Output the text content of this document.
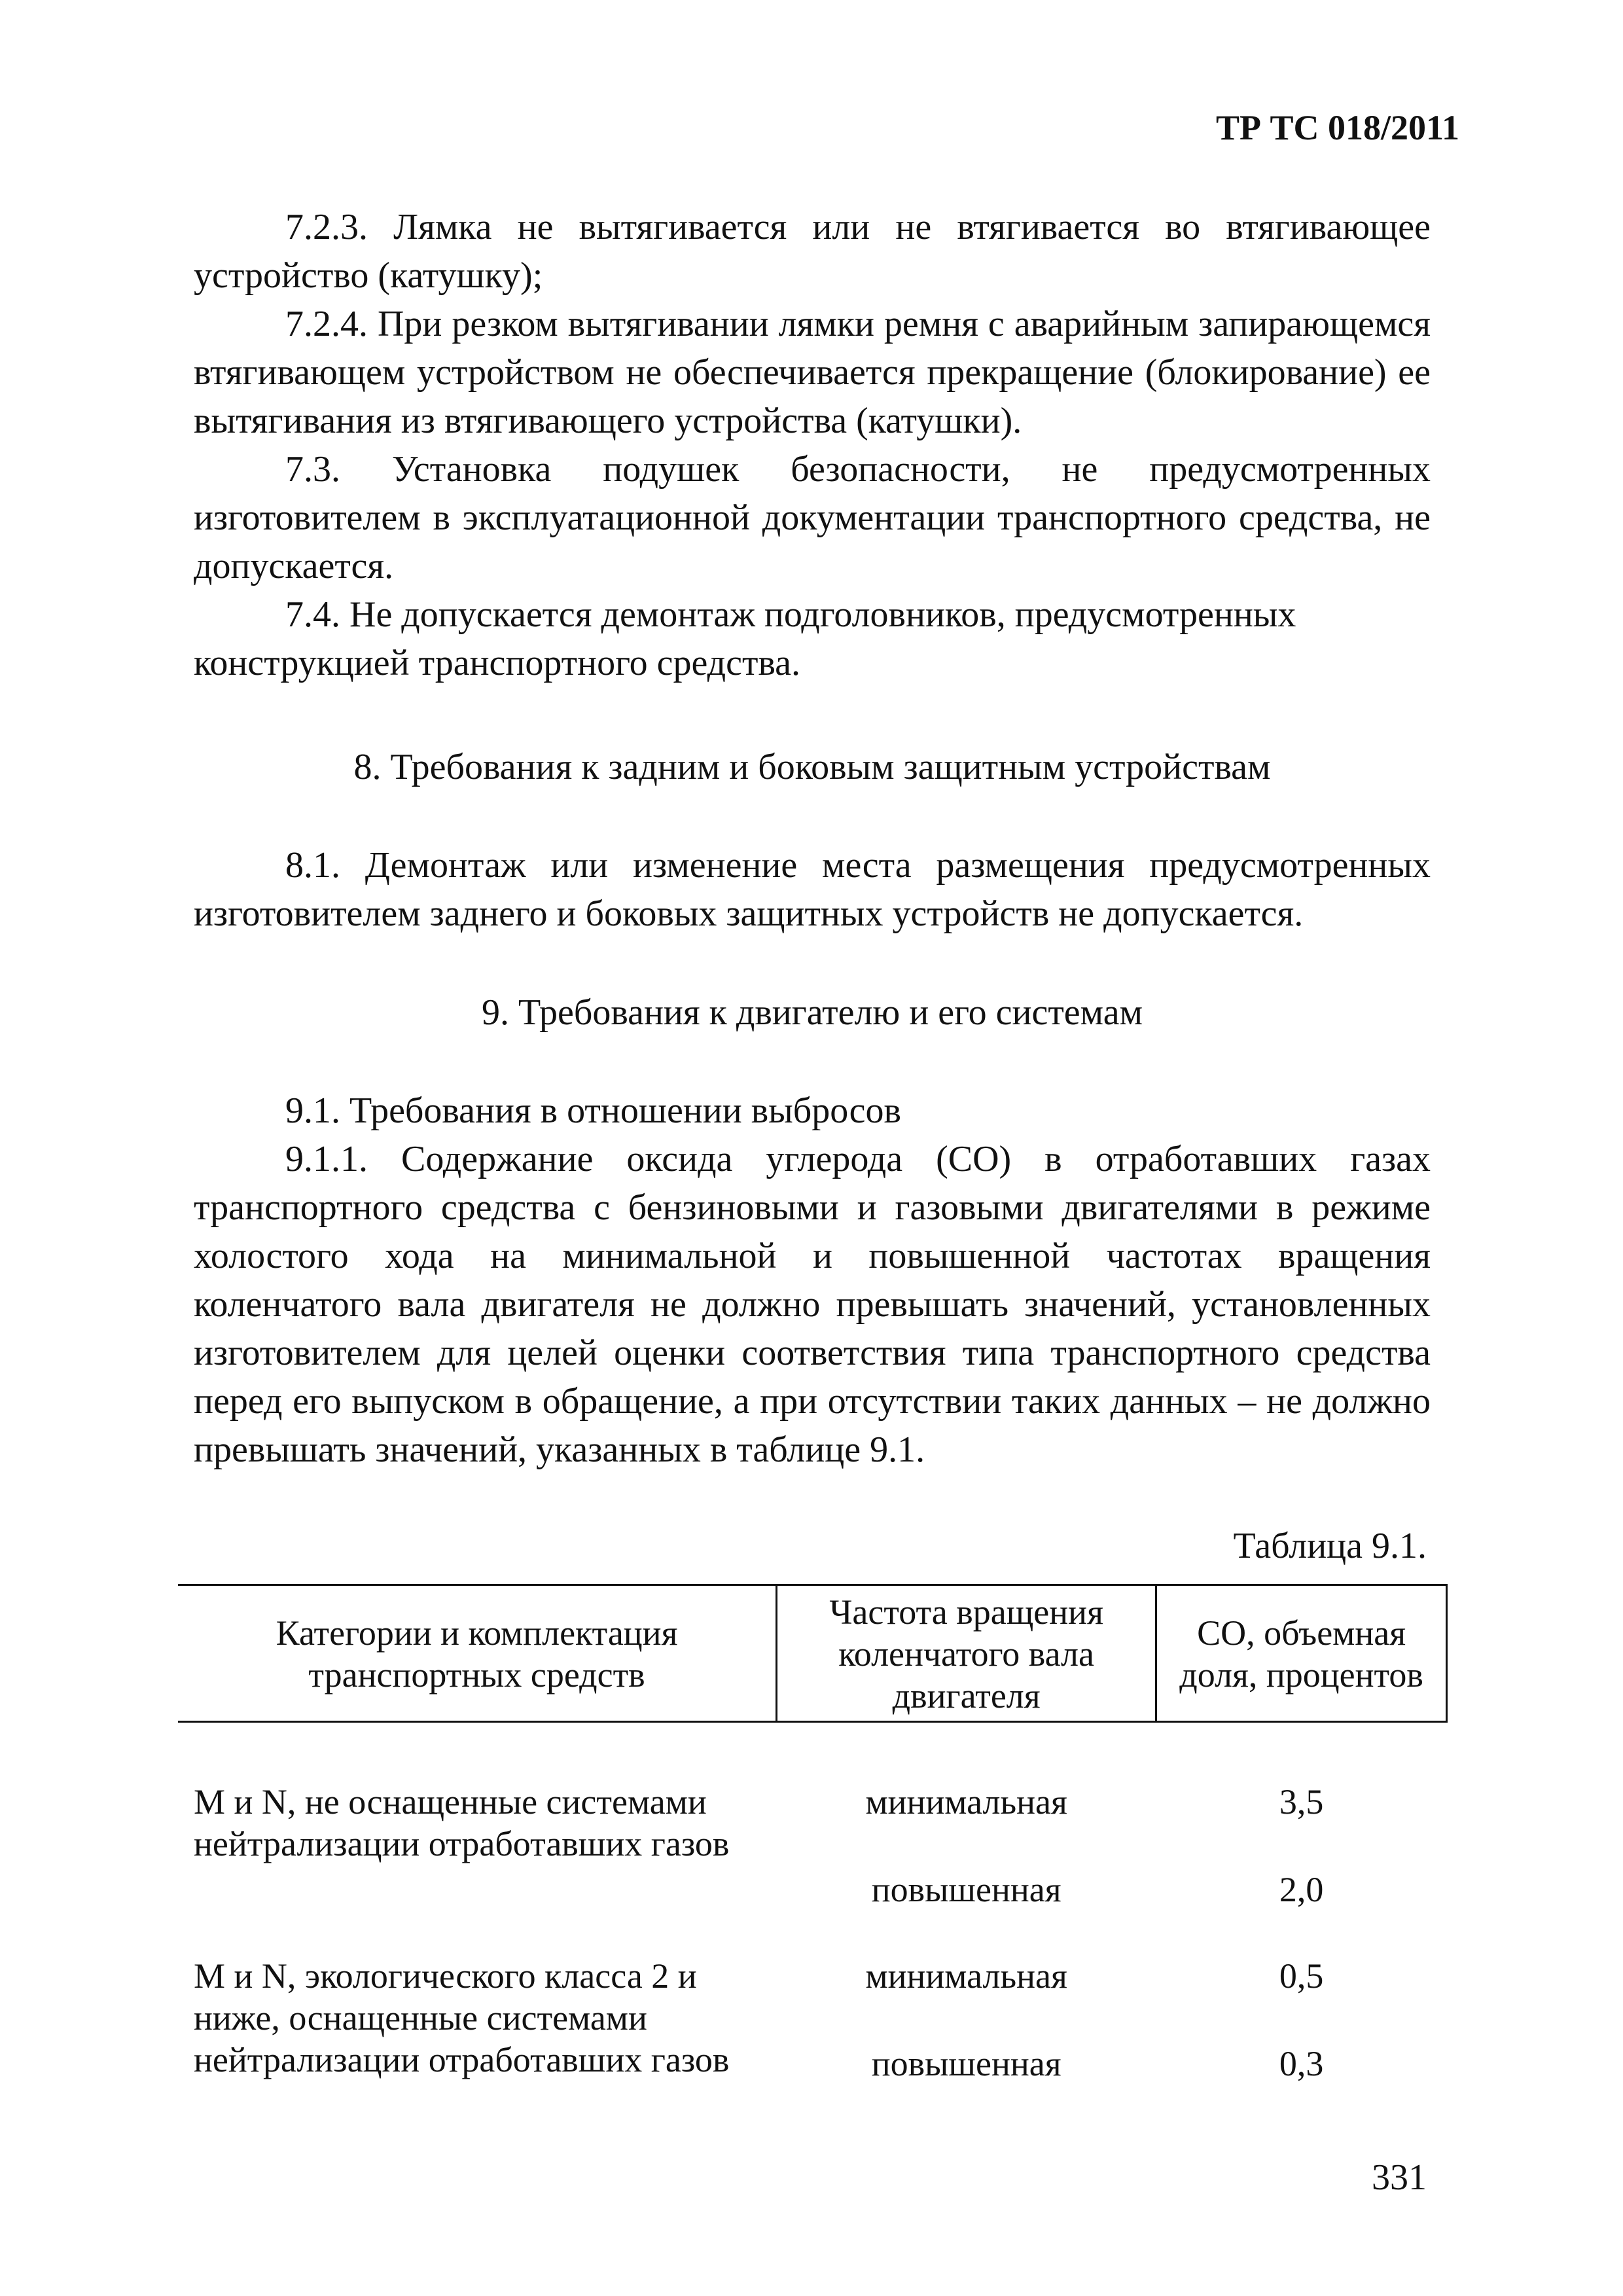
ТР ТС 018/2011

7.2.3. Лямка не вытягивается или не втягивается во втягивающее устройство (катушку);

7.2.4. При резком вытягивании лямки ремня с аварийным запирающемся втягивающем устройством не обеспечивается прекращение (блокирование) ее вытягивания из втягивающего устройства (катушки).

7.3. Установка подушек безопасности, не предусмотренных изготовителем в эксплуатационной документации транспортного средства, не допускается.

7.4. Не допускается демонтаж подголовников, предусмотренных конструкцией транспортного средства.

8. Требования к задним и боковым защитным устройствам

8.1. Демонтаж или изменение места размещения предусмотренных изготовителем заднего и боковых защитных устройств не допускается.

9. Требования к двигателю и его системам

9.1. Требования в отношении выбросов

9.1.1. Содержание оксида углерода (СО) в отработавших газах транспортного средства с бензиновыми и газовыми двигателями в режиме холостого хода на минимальной и повышенной частотах вращения коленчатого вала двигателя не должно превышать значений, установленных изготовителем для целей оценки соответствия типа транспортного средства перед его выпуском в обращение, а при отсутствии таких данных – не должно превышать значений, указанных в таблице 9.1.

Таблица 9.1.

Категории и комплектация транспортных средств	Частота вращения коленчатого вала двигателя	СО, объемная доля, процентов

M и N, не оснащенные системами нейтрализации отработавших газов	минимальная	3,5
	повышенная	2,0

M и N, экологического класса 2 и ниже, оснащенные системами нейтрализации отработавших газов	минимальная	0,5
	повышенная	0,3

331
